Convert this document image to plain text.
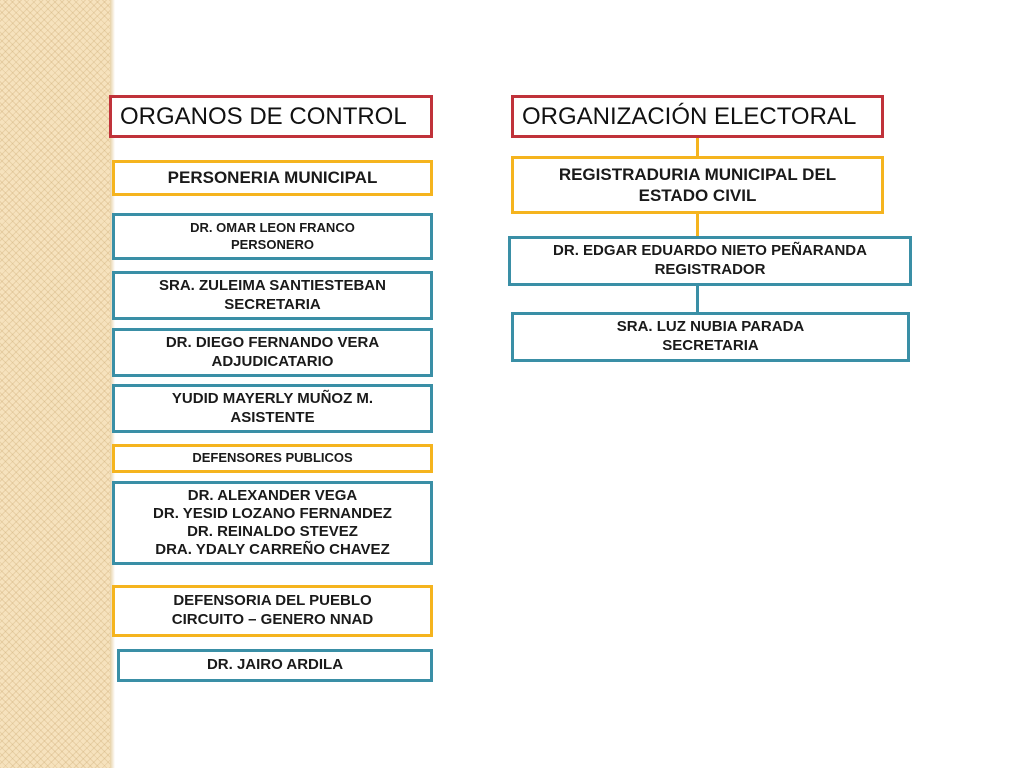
ORGANOS DE CONTROL
PERSONERIA MUNICIPAL
DR. OMAR LEON FRANCO
PERSONERO
SRA. ZULEIMA SANTIESTEBAN
SECRETARIA
DR. DIEGO FERNANDO VERA
ADJUDICATARIO
YUDID MAYERLY MUÑOZ M.
ASISTENTE
DEFENSORES PUBLICOS
DR. ALEXANDER VEGA
DR. YESID LOZANO FERNANDEZ
DR. REINALDO STEVEZ
DRA. YDALY CARREÑO CHAVEZ
DEFENSORIA DEL PUEBLO
CIRCUITO – GENERO NNAD
DR. JAIRO ARDILA
ORGANIZACIÓN ELECTORAL
REGISTRADURIA MUNICIPAL DEL
ESTADO CIVIL
DR. EDGAR EDUARDO NIETO PEÑARANDA
REGISTRADOR
SRA. LUZ NUBIA PARADA
SECRETARIA
